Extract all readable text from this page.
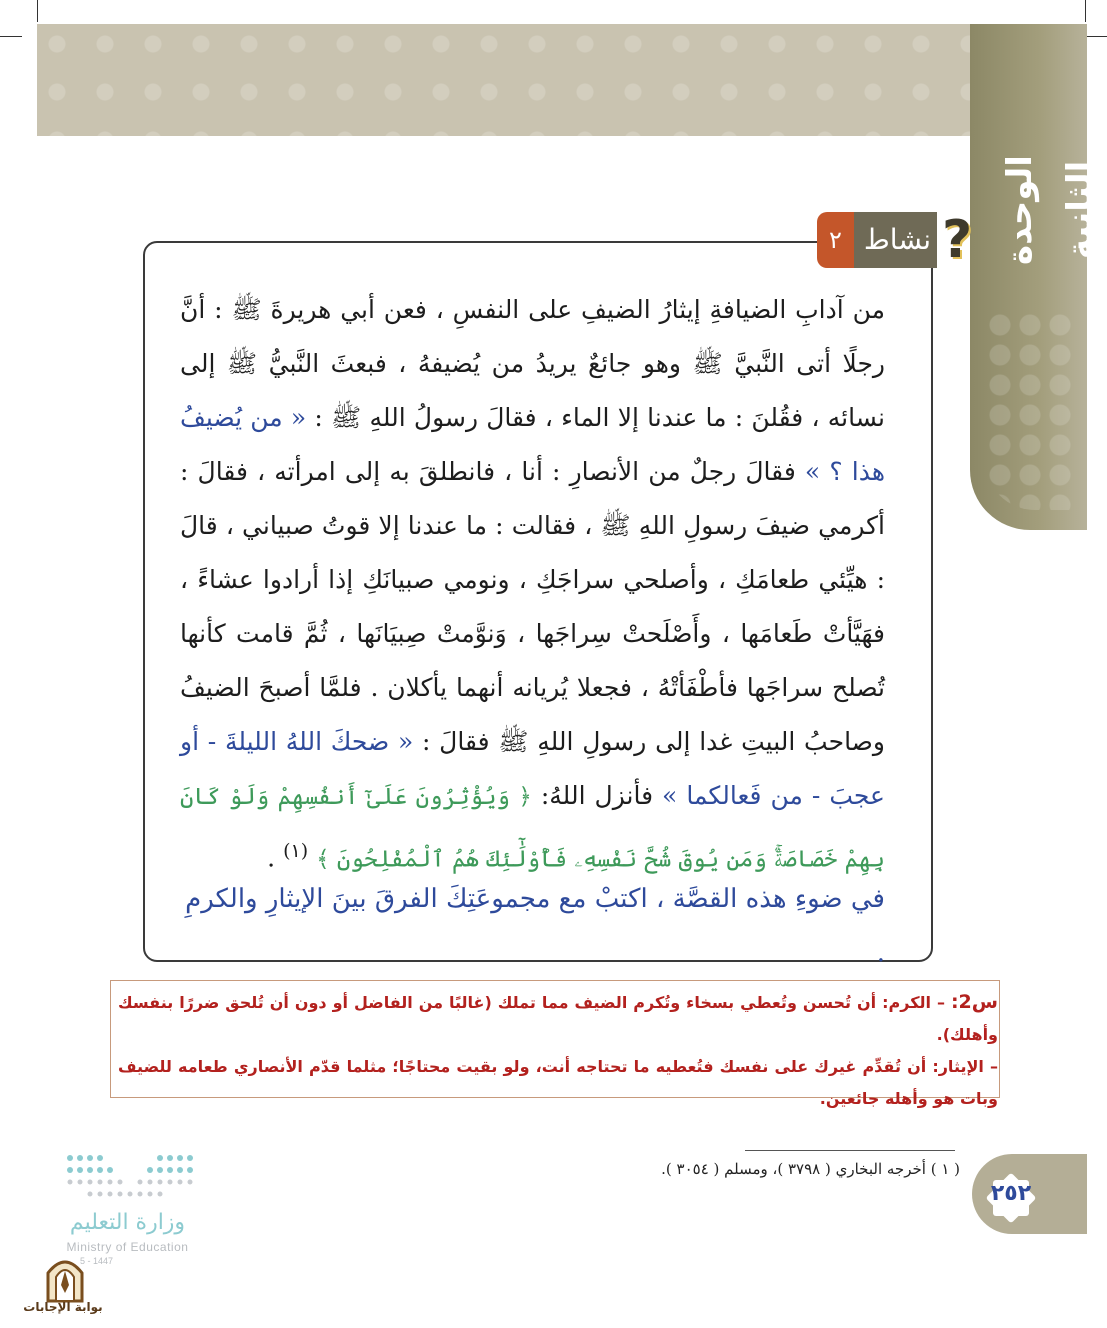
الوحدة الثانية
?
نشاط
٢

من آدابِ الضيافةِ إيثارُ الضيفِ على النفسِ ، فعن أبي هريرةَ ﷺ : أنَّ رجلًا أتى النَّبيَّ ﷺ وهو جائعٌ يريدُ من يُضيفهُ ، فبعثَ النَّبيُّ ﷺ إلى نسائه ، فقُلنَ : ما عندنا إلا الماء ، فقالَ رسولُ اللهِ ﷺ : « من يُضيفُ هذا ؟ » فقالَ رجلٌ من الأنصارِ : أنا ، فانطلقَ به إلى امرأته ، فقالَ : أكرمي ضيفَ رسولِ اللهِ ﷺ ، فقالت : ما عندنا إلا قوتُ صبياني ، قالَ : هيِّئي طعامَكِ ، وأصلحي سراجَكِ ، ونومي صبيانَكِ إذا أرادوا عشاءً ، فهَيَّأتْ طَعامَها ، وأَصْلَحتْ سِراجَها ، وَنوَّمتْ صِبيَانَها ، ثُمَّ قامت كأنها تُصلح سراجَها فأطْفَأتْهُ ، فجعلا يُريانه أنهما يأكلان . فلمَّا أصبحَ الضيفُ وصاحبُ البيتِ غدا إلى رسولِ اللهِ ﷺ فقالَ : « ضحكَ اللهُ الليلةَ - أو عجبَ - من فَعالكما » فأنزل اللهُ: ﴿ وَيُؤْثِرُونَ عَلَىٰٓ أَنفُسِهِمْ وَلَوْ كَانَ بِهِمْ خَصَاصَةٌۚ وَمَن يُوقَ شُحَّ نَفْسِهِۦ فَأُوْلَٰٓئِكَ هُمُ ٱلْمُفْلِحُونَ ﴾ $^{(١)}$ .

في ضوءِ هذه القصَّة ، اكتبْ مع مجموعَتِكَ الفرقَ بينَ الإيثارِ والكرمِ .

س2: – الكرم: أن تُحسن وتُعطي بسخاء وتُكرم الضيف مما تملك (غالبًا من الفاضل أو دون أن تُلحق ضررًا بنفسك وأهلك).

– الإيثار: أن تُقدِّم غيرك على نفسك فتُعطيه ما تحتاجه أنت، ولو بقيت محتاجًا؛ مثلما قدّم الأنصاري طعامه للضيف وبات هو وأهله جائعين.

( ١ ) أخرجه البخاري ( ٣٧٩٨ )، ومسلم ( ٣٠٥٤ ).
٢٥٢
وزارة التعليم
Ministry of Education
5 - 1447
بوابة الإجابات
